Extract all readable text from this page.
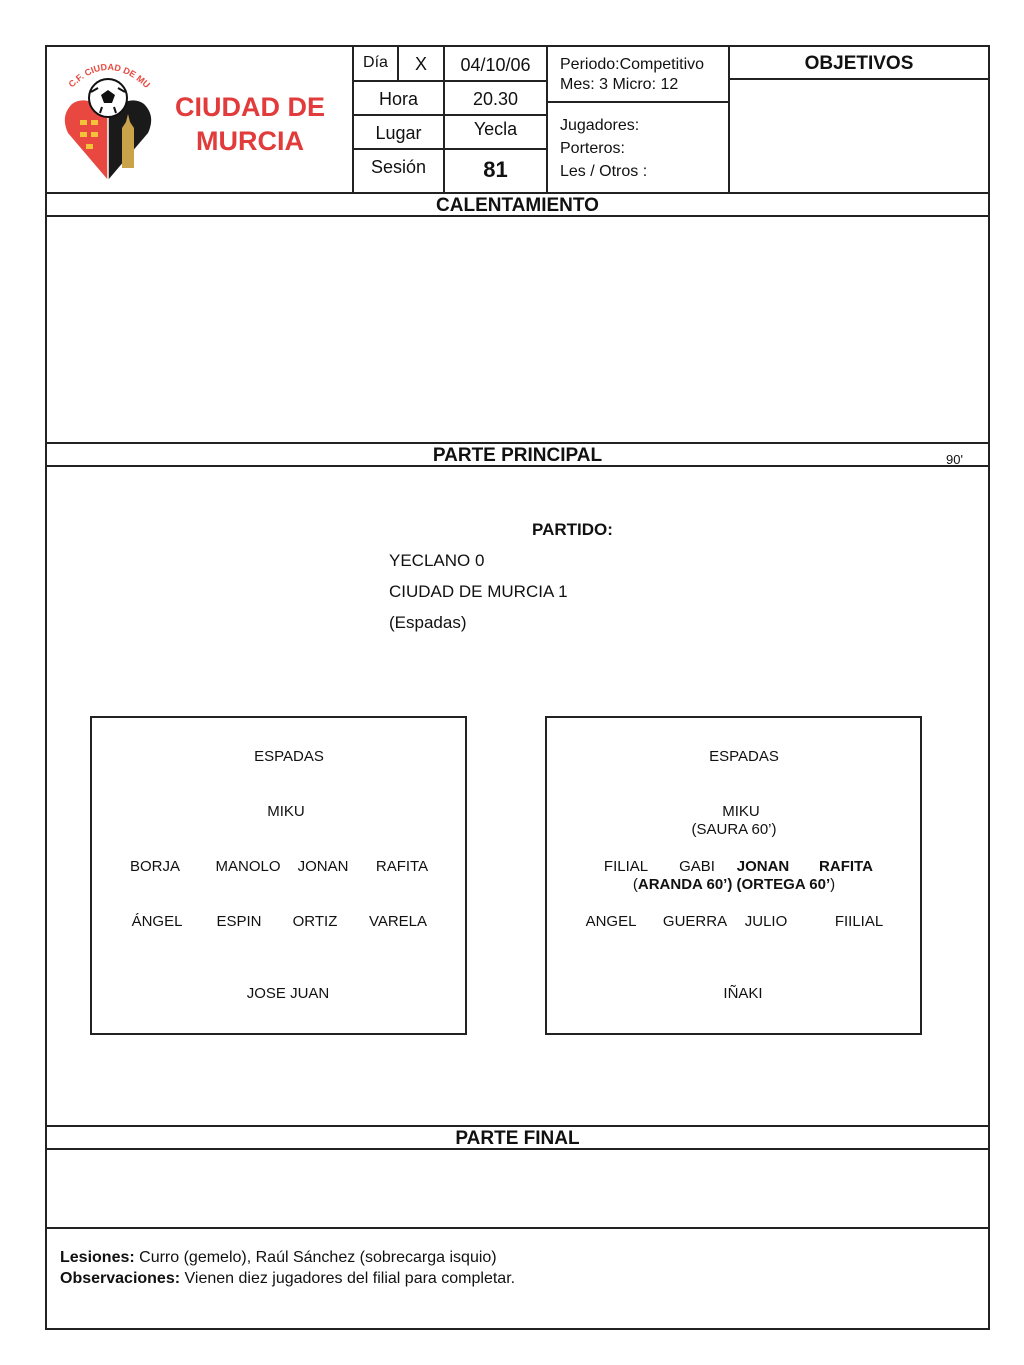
C.F. CIUDAD DE MU
CIUDAD DE
MURCIA
Día	X	04/10/06
Hora	20.30
Lugar	Yecla
Sesión	81
Periodo:Competitivo
Mes: 3 Micro: 12
Jugadores:
Porteros:
Les / Otros :
OBJETIVOS
CALENTAMIENTO
PARTE PRINCIPAL	90'
PARTIDO:
YECLANO 0
CIUDAD DE MURCIA 1
(Espadas)
ESPADAS
MIKU
BORJA MANOLO JONAN RAFITA
ÁNGEL ESPIN ORTIZ VARELA
JOSE JUAN
ESPADAS
MIKU
(SAURA 60’)
FILIAL GABI JONAN RAFITA
(ARANDA 60’) (ORTEGA 60’)
ANGEL GUERRA JULIO	FIILIAL
IÑAKI
PARTE FINAL
Lesiones: Curro (gemelo), Raúl Sánchez (sobrecarga isquio)
Observaciones: Vienen diez jugadores del filial para completar.
